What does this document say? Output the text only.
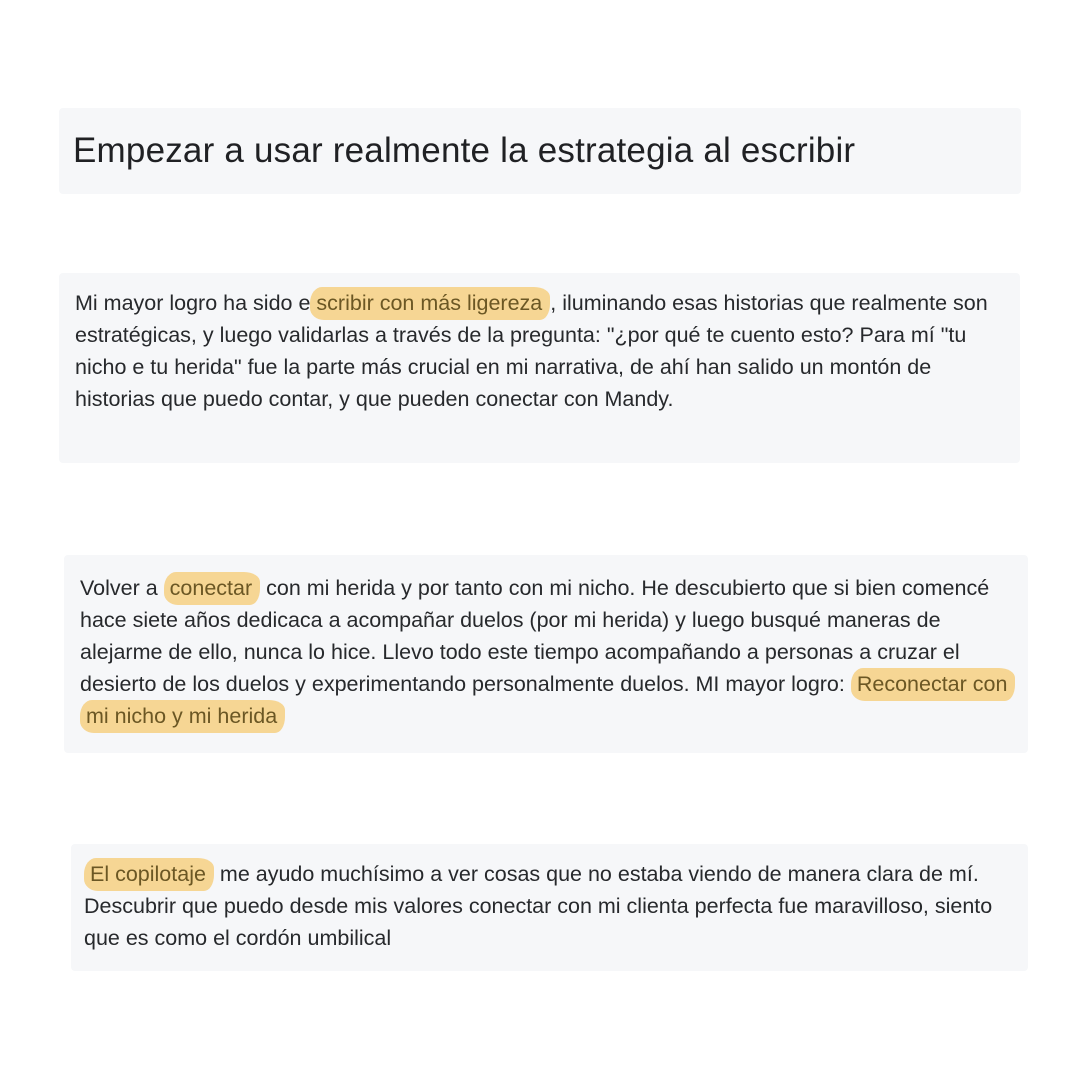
Empezar a usar realmente la estrategia al escribir

Mi mayor logro ha sido e scribir con más ligereza , iluminando esas historias que realmente son estratégicas, y luego validarlas a través de la pregunta: "¿por qué te cuento esto? Para mí "tu nicho e tu herida" fue la parte más crucial en mi narrativa, de ahí han salido un montón de historias que puedo contar, y que pueden conectar con Mandy.

Volver a conectar con mi herida y por tanto con mi nicho. He descubierto que si bien comencé hace siete años dedicaca a acompañar duelos (por mi herida) y luego busqué maneras de alejarme de ello, nunca lo hice. Llevo todo este tiempo acompañando a personas a cruzar el desierto de los duelos y experimentando personalmente duelos. MI mayor logro: Reconectar con mi nicho y mi herida

El copilotaje me ayudo muchísimo a ver cosas que no estaba viendo de manera clara de mí. Descubrir que puedo desde mis valores conectar con mi clienta perfecta fue maravilloso, siento que es como el cordón umbilical
